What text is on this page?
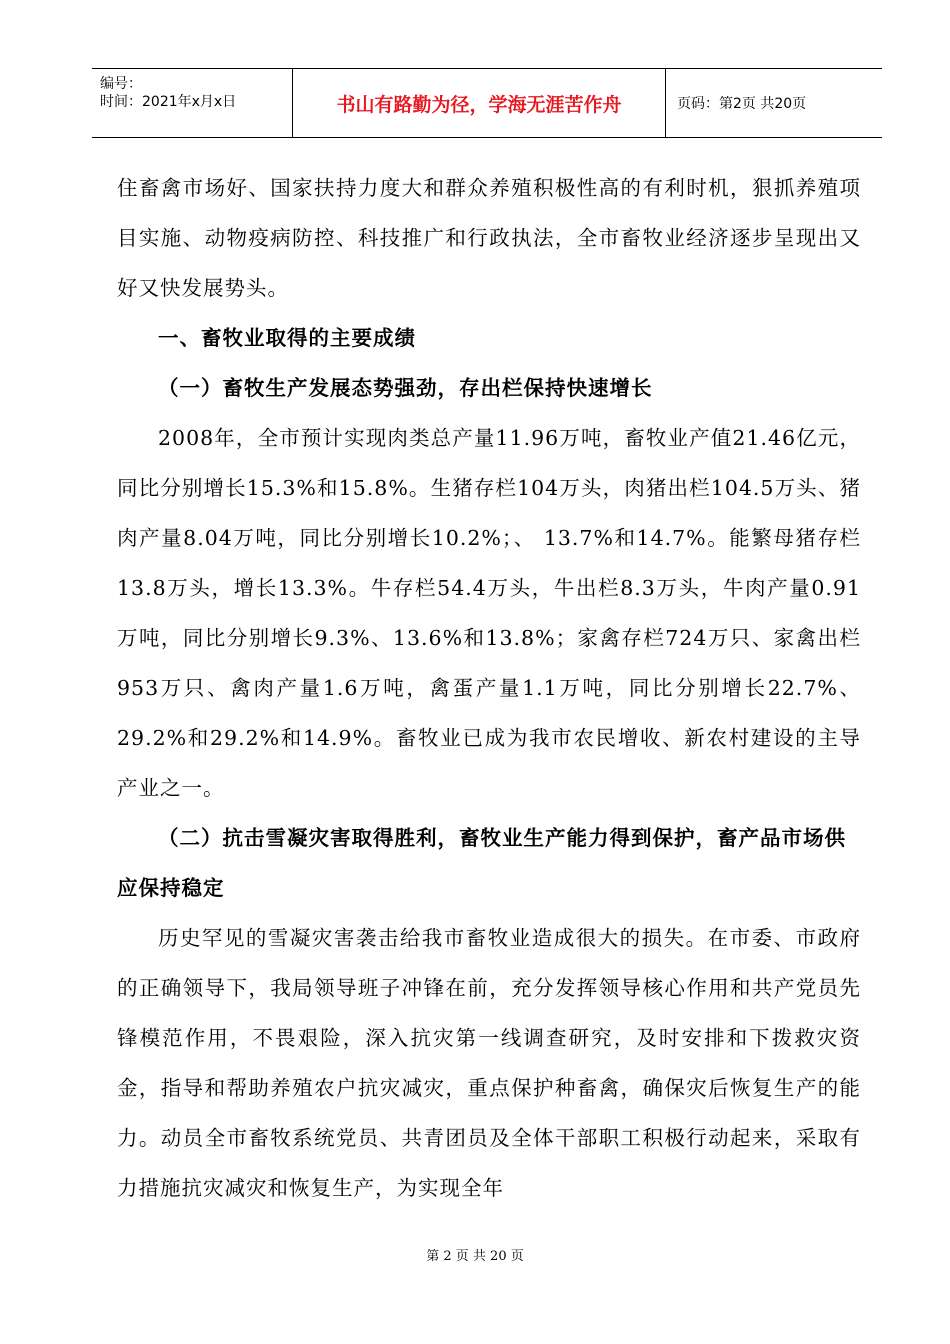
编号：
时间：2021年x月x日	书山有路勤为径，学海无涯苦作舟	页码：第2页 共20页

住畜禽市场好、国家扶持力度大和群众养殖积极性高的有利时机，狠抓养殖项目实施、动物疫病防控、科技推广和行政执法，全市畜牧业经济逐步呈现出又好又快发展势头。

一、畜牧业取得的主要成绩

（一）畜牧生产发展态势强劲，存出栏保持快速增长

2008年，全市预计实现肉类总产量11.96万吨，畜牧业产值21.46亿元，同比分别增长15.3%和15.8%。生猪存栏104万头，肉猪出栏104.5万头、猪肉产量8.04万吨，同比分别增长10.2%；、 13.7%和14.7%。能繁母猪存栏13.8万头，增长13.3%。牛存栏54.4万头，牛出栏8.3万头，牛肉产量0.91万吨，同比分别增长9.3%、13.6%和13.8%；家禽存栏724万只、家禽出栏953万只、禽肉产量1.6万吨，禽蛋产量1.1万吨，同比分别增长22.7%、29.2%和29.2%和14.9%。畜牧业已成为我市农民增收、新农村建设的主导产业之一。

（二）抗击雪凝灾害取得胜利，畜牧业生产能力得到保护，畜产品市场供应保持稳定

历史罕见的雪凝灾害袭击给我市畜牧业造成很大的损失。在市委、市政府的正确领导下，我局领导班子冲锋在前，充分发挥领导核心作用和共产党员先锋模范作用，不畏艰险，深入抗灾第一线调查研究，及时安排和下拨救灾资金，指导和帮助养殖农户抗灾减灾，重点保护种畜禽，确保灾后恢复生产的能力。动员全市畜牧系统党员、共青团员及全体干部职工积极行动起来，采取有力措施抗灾减灾和恢复生产，为实现全年

第 2 页 共 20 页
